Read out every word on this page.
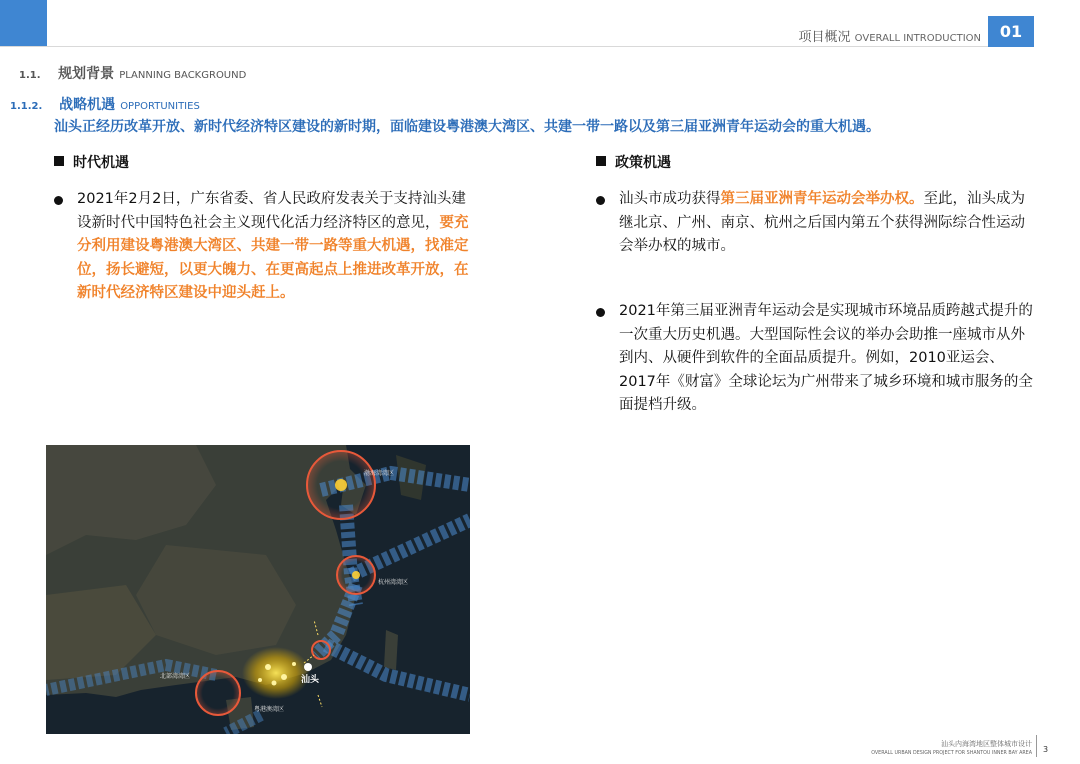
项目概况 OVERALL INTRODUCTION	01
1.1. 规划背景 PLANNING BACKGROUND
1.1.2. 战略机遇 OPPORTUNITIES
汕头正经历改革开放、新时代经济特区建设的新时期，面临建设粤港澳大湾区、共建一带一路以及第三届亚洲青年运动会的重大机遇。
时代机遇	政策机遇
2021年2月2日，广东省委、省人民政府发表关于支持汕头建设新时代中国特色社会主义现代化活力经济特区的意见，要充分利用建设粤港澳大湾区、共建一带一路等重大机遇，找准定位，扬长避短，以更大魄力、在更高起点上推进改革开放，在新时代经济特区建设中迎头赶上。
汕头市成功获得第三届亚洲青年运动会举办权。至此，汕头成为继北京、广州、南京、杭州之后国内第五个获得洲际综合性运动会举办权的城市。
2021年第三届亚洲青年运动会是实现城市环境品质跨越式提升的一次重大历史机遇。大型国际性会议的举办会助推一座城市从外到内、从硬件到软件的全面品质提升。例如，2010亚运会、2017年《财富》全球论坛为广州带来了城乡环境和城市服务的全面提档升级。
渤海湾湾区
杭州湾湾区
北部湾湾区
粤港澳湾区
汕头
汕头内海湾地区整体城市设计
OVERALL URBAN DESIGN PROJECT FOR SHANTOU INNER BAY AREA 3
